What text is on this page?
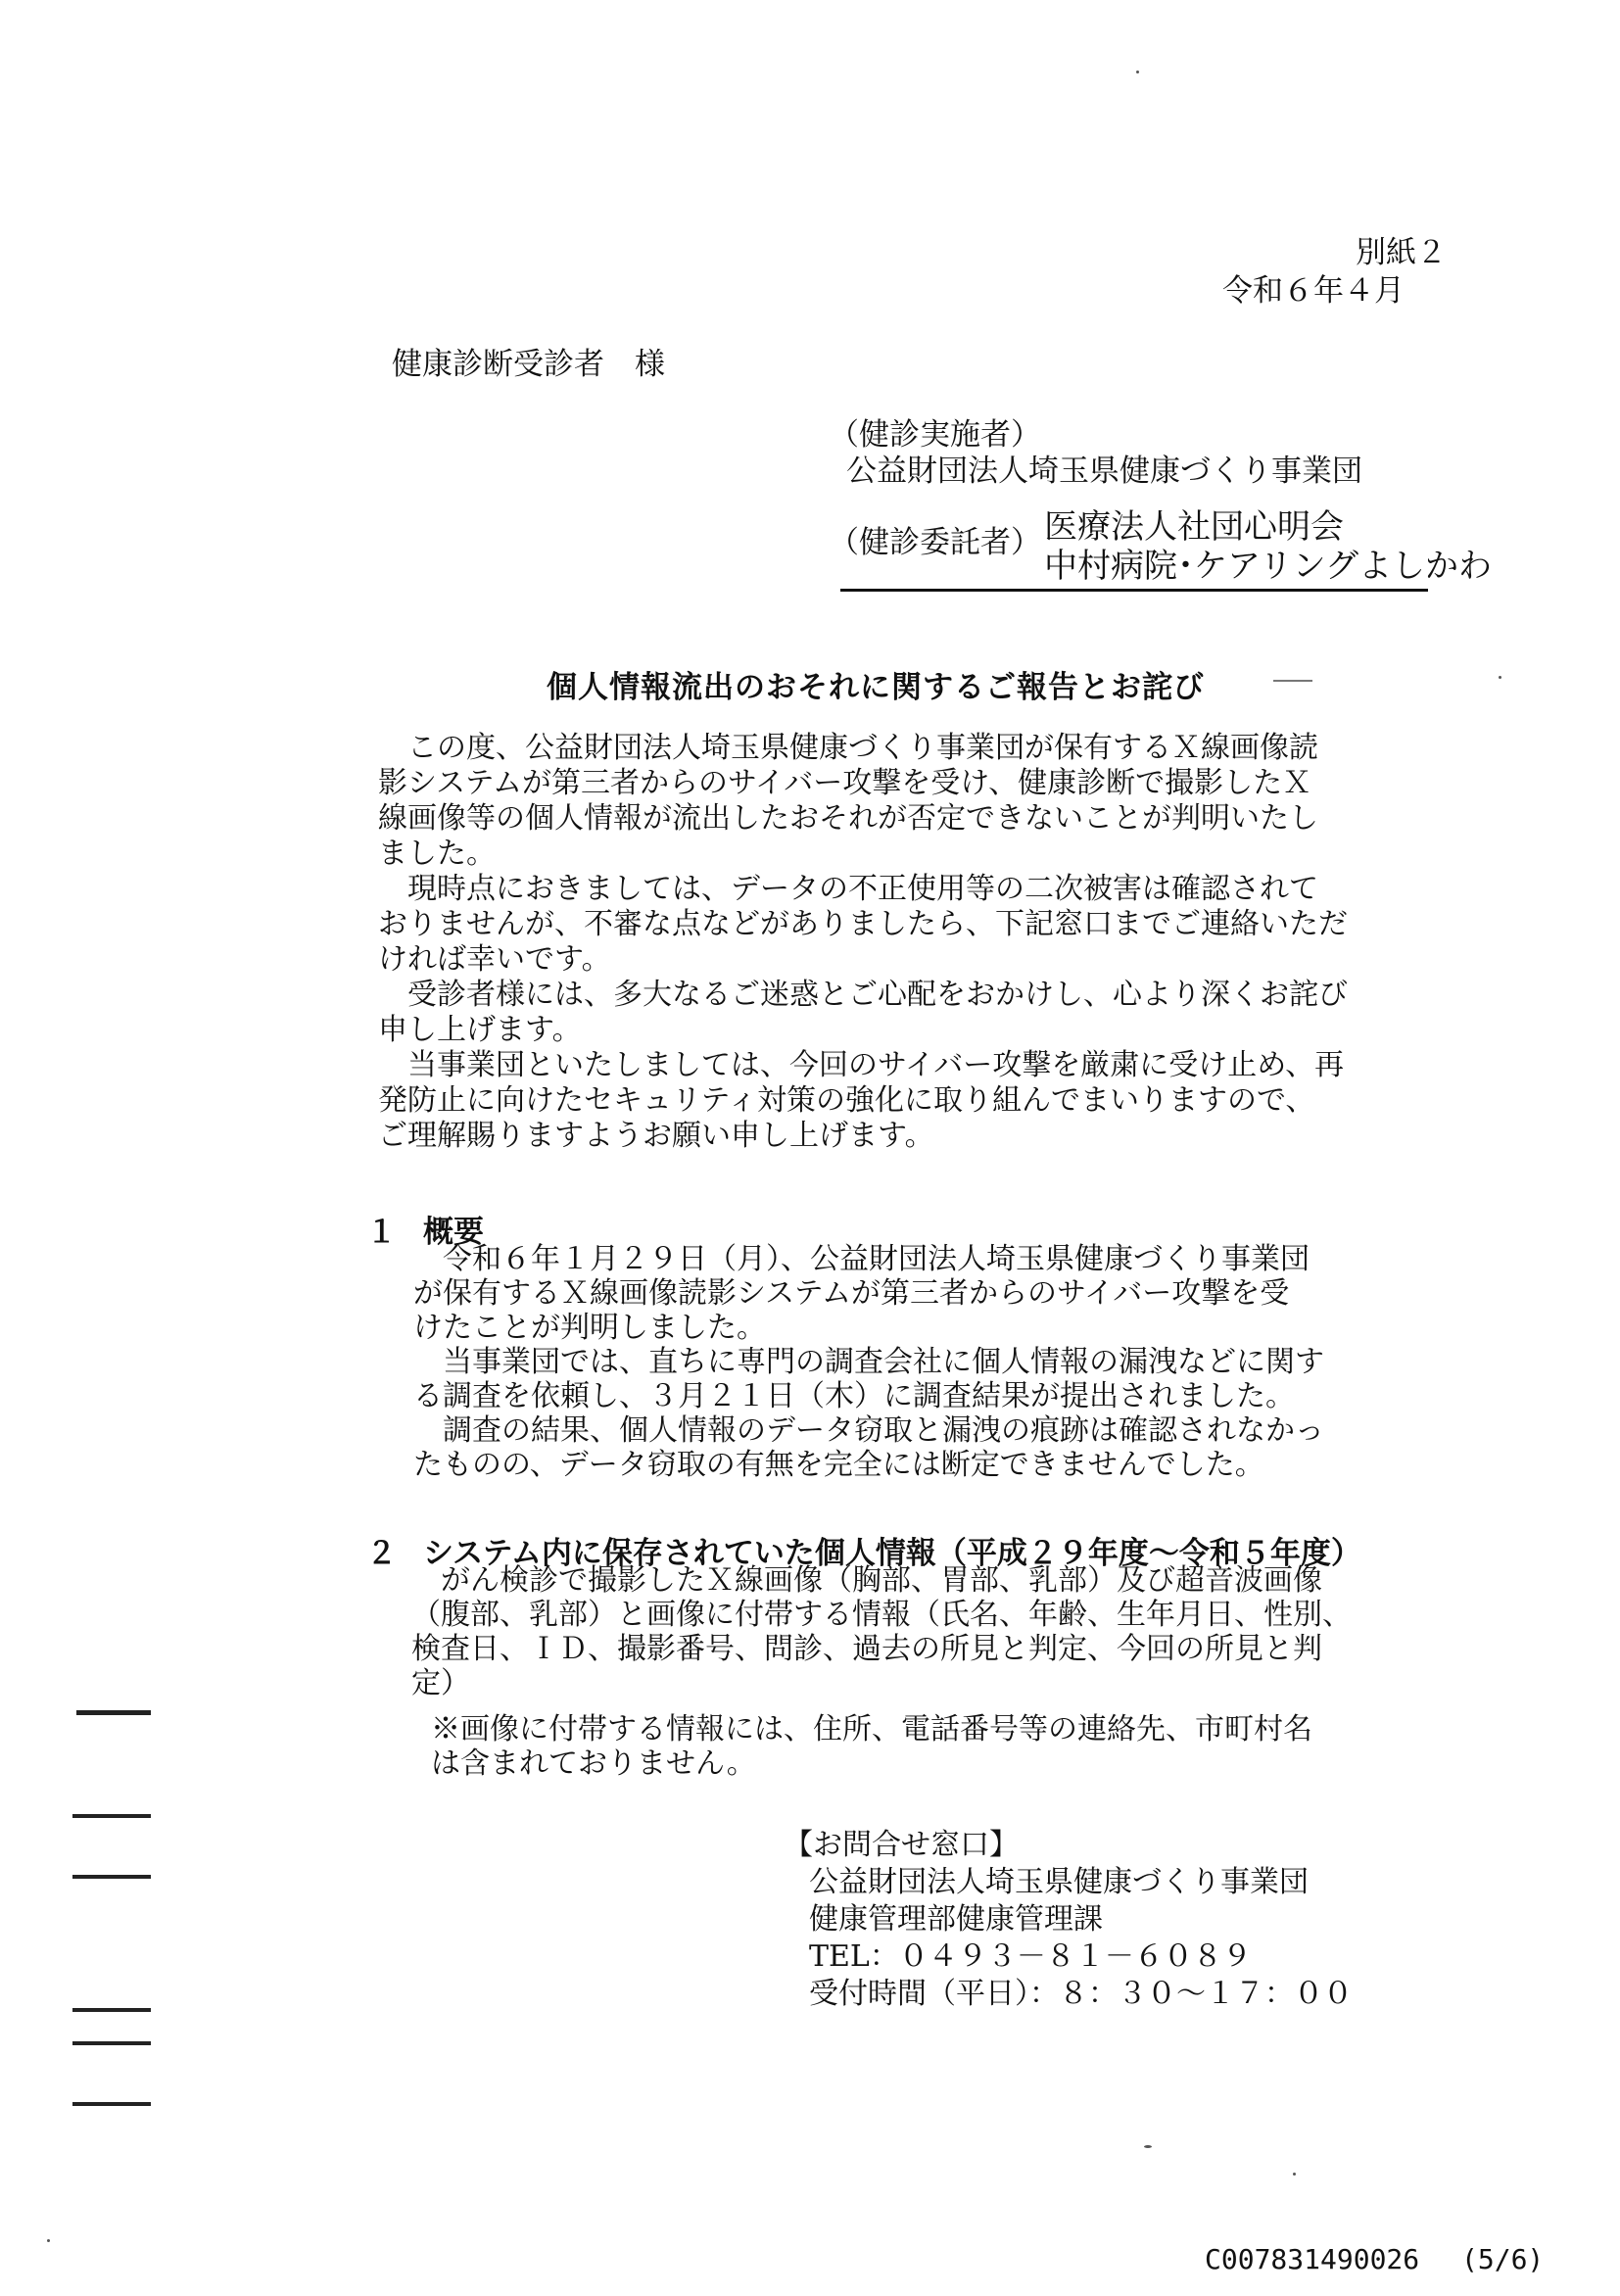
別紙２
令和６年４月
健康診断受診者　様
（健診実施者）
公益財団法人埼玉県健康づくり事業団
（健診委託者） 医療法人社団心明会
中村病院･ケアリングよしかわ
個人情報流出のおそれに関するご報告とお詫び

　この度、公益財団法人埼玉県健康づくり事業団が保有するＸ線画像読

影システムが第三者からのサイバー攻撃を受け、健康診断で撮影したＸ

線画像等の個人情報が流出したおそれが否定できないことが判明いたし

ました。

　現時点におきましては、データの不正使用等の二次被害は確認されて

おりませんが、不審な点などがありましたら、下記窓口までご連絡いただ

ければ幸いです。

　受診者様には、多大なるご迷惑とご心配をおかけし、心より深くお詫び

申し上げます。

　当事業団といたしましては、今回のサイバー攻撃を厳粛に受け止め、再

発防止に向けたセキュリティ対策の強化に取り組んでまいりますので、

ご理解賜りますようお願い申し上げます。

１ 概要

　令和６年１月２９日（月）、公益財団法人埼玉県健康づくり事業団

が保有するＸ線画像読影システムが第三者からのサイバー攻撃を受

けたことが判明しました。

　当事業団では、直ちに専門の調査会社に個人情報の漏洩などに関す

る調査を依頼し、３月２１日（木）に調査結果が提出されました。

　調査の結果、個人情報のデータ窃取と漏洩の痕跡は確認されなかっ

たものの、データ窃取の有無を完全には断定できませんでした。

２ システム内に保存されていた個人情報（平成２９年度～令和５年度）

　がん検診で撮影したＸ線画像（胸部、胃部、乳部）及び超音波画像

（腹部、乳部）と画像に付帯する情報（氏名、年齢、生年月日、性別、

検査日、ＩＤ、撮影番号、問診、過去の所見と判定、今回の所見と判

定）

※画像に付帯する情報には、住所、電話番号等の連絡先、市町村名

は含まれておりません。

【お問合せ窓口】
公益財団法人埼玉県健康づくり事業団
健康管理部健康管理課
TEL：０４９３－８１－６０８９
受付時間（平日）：８：３０～１７：００
C007831490026 (5/6)
